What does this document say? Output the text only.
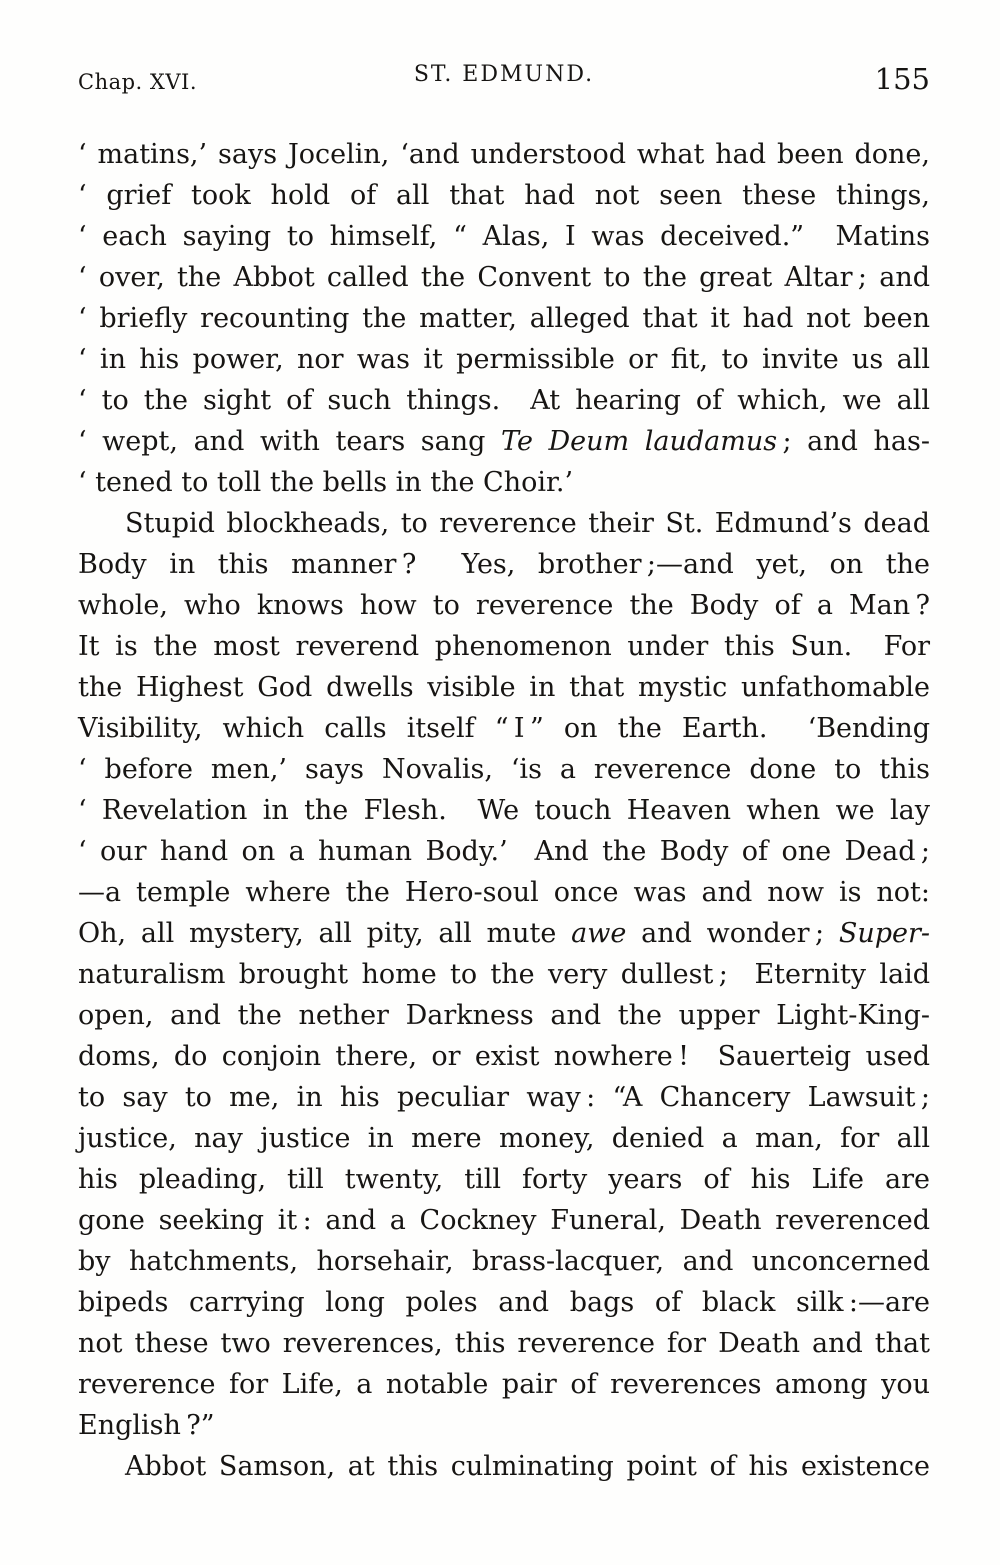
Chap. XVI.	ST. EDMUND.	155
‘ matins,’ says Jocelin, ‘and understood what had been done,
‘ grief took hold of all that had not seen these things,
‘ each saying to himself, “ Alas, I was deceived.”  Matins
‘ over, the Abbot called the Convent to the great Altar ; and
‘ briefly recounting the matter, alleged that it had not been
‘ in his power, nor was it permissible or fit, to invite us all
‘ to the sight of such things.  At hearing of which, we all
‘ wept, and with tears sang Te Deum laudamus ; and has-
‘ tened to toll the bells in the Choir.’
Stupid blockheads, to reverence their St. Edmund’s dead
Body in this manner ?  Yes, brother ;—and yet, on the
whole, who knows how to reverence the Body of a Man ?
It is the most reverend phenomenon under this Sun.  For
the Highest God dwells visible in that mystic unfathomable
Visibility, which calls itself “ I ” on the Earth.  ‘Bending
‘ before men,’ says Novalis, ‘is a reverence done to this
‘ Revelation in the Flesh.  We touch Heaven when we lay
‘ our hand on a human Body.’  And the Body of one Dead ;
—a temple where the Hero-soul once was and now is not:
Oh, all mystery, all pity, all mute awe and wonder ; Super-
naturalism brought home to the very dullest ;  Eternity laid
open, and the nether Darkness and the upper Light-King-
doms, do conjoin there, or exist nowhere !  Sauerteig used
to say to me, in his peculiar way : “A Chancery Lawsuit ;
justice, nay justice in mere money, denied a man, for all
his pleading, till twenty, till forty years of his Life are
gone seeking it : and a Cockney Funeral, Death reverenced
by hatchments, horsehair, brass-lacquer, and unconcerned
bipeds carrying long poles and bags of black silk :—are
not these two reverences, this reverence for Death and that
reverence for Life, a notable pair of reverences among you
English ?”
Abbot Samson, at this culminating point of his existence
